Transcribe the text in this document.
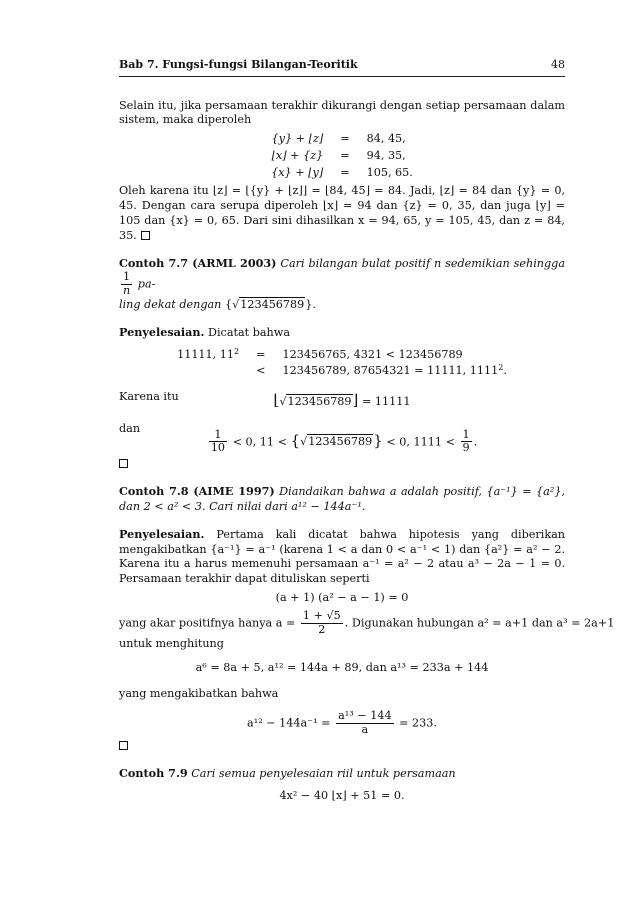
Bab 7. Fungsi-fungsi Bilangan-Teoritik	48

Selain itu, jika persamaan terakhir dikurangi dengan setiap persamaan dalam sistem, maka diperoleh

{y} + ⌊z⌋	=	84, 45,
⌊x⌋ + {z}	=	94, 35,
{x} + ⌊y⌋	=	105, 65.

Oleh karena itu ⌊z⌋ = ⌊{y} + ⌊z⌋⌋ = ⌊84, 45⌋ = 84. Jadi, ⌊z⌋ = 84 dan {y} = 0, 45. Dengan cara serupa diperoleh ⌊x⌋ = 94 dan {z} = 0, 35, dan juga ⌊y⌋ = 105 dan {x} = 0, 65. Dari sini dihasilkan x = 94, 65, y = 105, 45, dan z = 84, 35.

Contoh 7.7 (ARML 2003) Cari bilangan bulat positif n sedemikian sehingga
$\frac{1}{n} pa-$
ling dekat dengan {√123456789}.

Penyelesaian. Dicatat bahwa

11111, $11^2$	=	123456765, 4321 < 123456789
	<	123456789, 87654321 = 11111, 1111$^2$.

Karena itu	⌊√123456789⌋ = 11111

dan

$\frac{1}{10} < 0$, 11 < {√123456789} < 0, $1111 < \frac{1}{9}$ .

Contoh 7.8 (AIME 1997) Diandaikan bahwa a adalah positif, {a⁻¹} = {a²}, dan 2 < a² < 3. Cari nilai dari a¹² − 144a⁻¹.

Penyelesaian. Pertama kali dicatat bahwa hipotesis yang diberikan mengakibatkan {a⁻¹} = a⁻¹ (karena 1 < a dan 0 < a⁻¹ < 1) dan {a²} = a² − 2. Karena itu a harus memenuhi persamaan a⁻¹ = a² − 2 atau a³ − 2a − 1 = 0. Persamaan terakhir dapat dituliskan seperti

(a + 1) (a² − a − 1) = 0

yang akar positifnya hanya $a = \frac{1 + √5}{2}$ . Digunakan hubungan a² = a+1 dan a³ = 2a+1

untuk menghitung

a⁶ = 8a + 5, a¹² = 144a + 89, dan a¹³ = 233a + 144

yang mengakibatkan bahwa

$a^{12} - 144a^{-1} = \frac{\text{a¹³ − 144}}{a} = 233$.

Contoh 7.9 Cari semua penyelesaian riil untuk persamaan

4x² − 40 ⌊x⌋ + 51 = 0.
